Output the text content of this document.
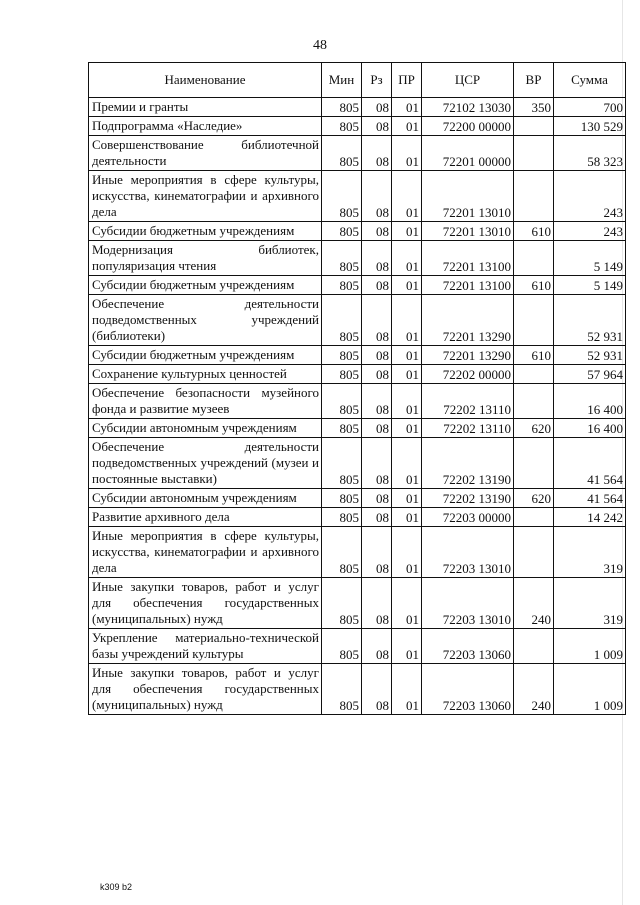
48
Наименование	Мин	Рз	ПР	ЦСР	ВР	Сумма
Премии и гранты	805	08	01	72102 13030	350	700
Подпрограмма «Наследие»	805	08	01	72200 00000		130 529
Совершенствование библиотечной деятельности	805	08	01	72201 00000		58 323
Иные мероприятия в сфере культуры, искусства, кинематографии и архивного дела	805	08	01	72201 13010		243
Субсидии бюджетным учреждениям	805	08	01	72201 13010	610	243
Модернизация библиотек, популяризация чтения	805	08	01	72201 13100		5 149
Субсидии бюджетным учреждениям	805	08	01	72201 13100	610	5 149
Обеспечение деятельности подведомственных учреждений (библиотеки)	805	08	01	72201 13290		52 931
Субсидии бюджетным учреждениям	805	08	01	72201 13290	610	52 931
Сохранение культурных ценностей	805	08	01	72202 00000		57 964
Обеспечение безопасности музейного фонда и развитие музеев	805	08	01	72202 13110		16 400
Субсидии автономным учреждениям	805	08	01	72202 13110	620	16 400
Обеспечение деятельности подведомственных учреждений (музеи и постоянные выставки)	805	08	01	72202 13190		41 564
Субсидии автономным учреждениям	805	08	01	72202 13190	620	41 564
Развитие архивного дела	805	08	01	72203 00000		14 242
Иные мероприятия в сфере культуры, искусства, кинематографии и архивного дела	805	08	01	72203 13010		319
Иные закупки товаров, работ и услуг для обеспечения государственных (муниципальных) нужд	805	08	01	72203 13010	240	319
Укрепление материально-технической базы учреждений культуры	805	08	01	72203 13060		1 009
Иные закупки товаров, работ и услуг для обеспечения государственных (муниципальных) нужд	805	08	01	72203 13060	240	1 009
k309 b2
